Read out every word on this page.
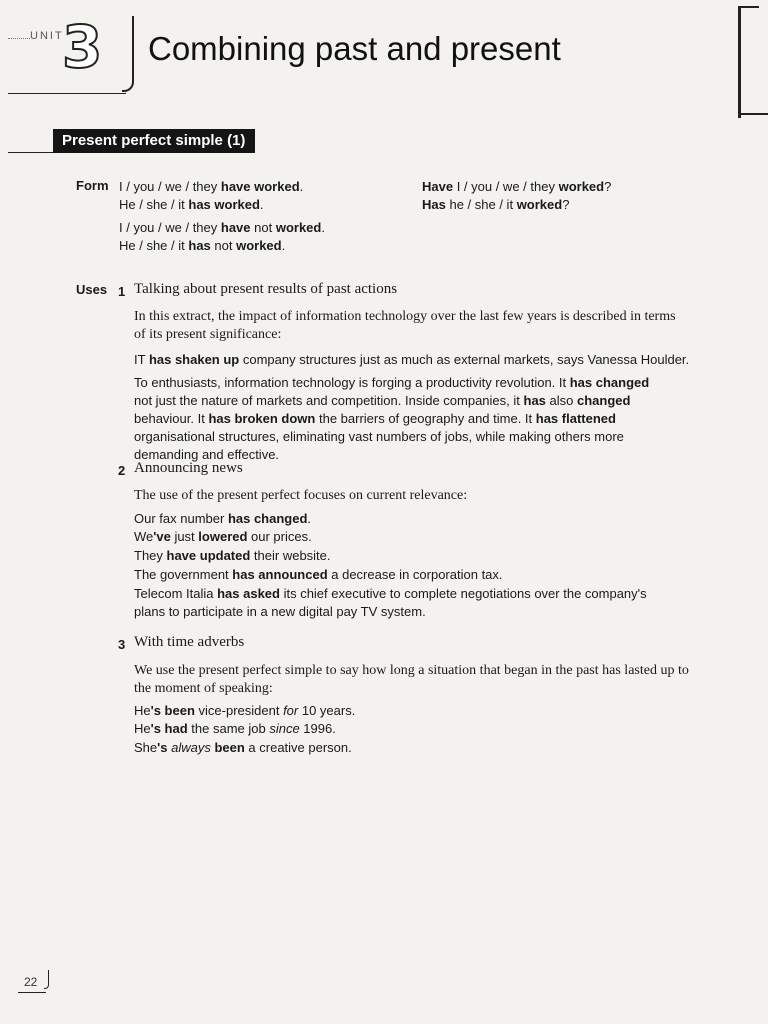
UNIT
3 Combining past and present
Present perfect simple (1)
Form I / you / we / they have worked.
He / she / it has worked.
I / you / we / they have not worked.
He / she / it has not worked.
Have I / you / we / they worked?
Has he / she / it worked?
Uses 1 Talking about present results of past actions
In this extract, the impact of information technology over the last few years is described in terms of its present significance:
IT has shaken up company structures just as much as external markets, says Vanessa Houlder.
To enthusiasts, information technology is forging a productivity revolution. It has changed not just the nature of markets and competition. Inside companies, it has also changed behaviour. It has broken down the barriers of geography and time. It has flattened organisational structures, eliminating vast numbers of jobs, while making others more demanding and effective.
2 Announcing news
The use of the present perfect focuses on current relevance:
Our fax number has changed.
We've just lowered our prices.
They have updated their website.
The government has announced a decrease in corporation tax.
Telecom Italia has asked its chief executive to complete negotiations over the company's plans to participate in a new digital pay TV system.
3 With time adverbs
We use the present perfect simple to say how long a situation that began in the past has lasted up to the moment of speaking:
He's been vice-president for 10 years.
He's had the same job since 1996.
She's always been a creative person.
22
